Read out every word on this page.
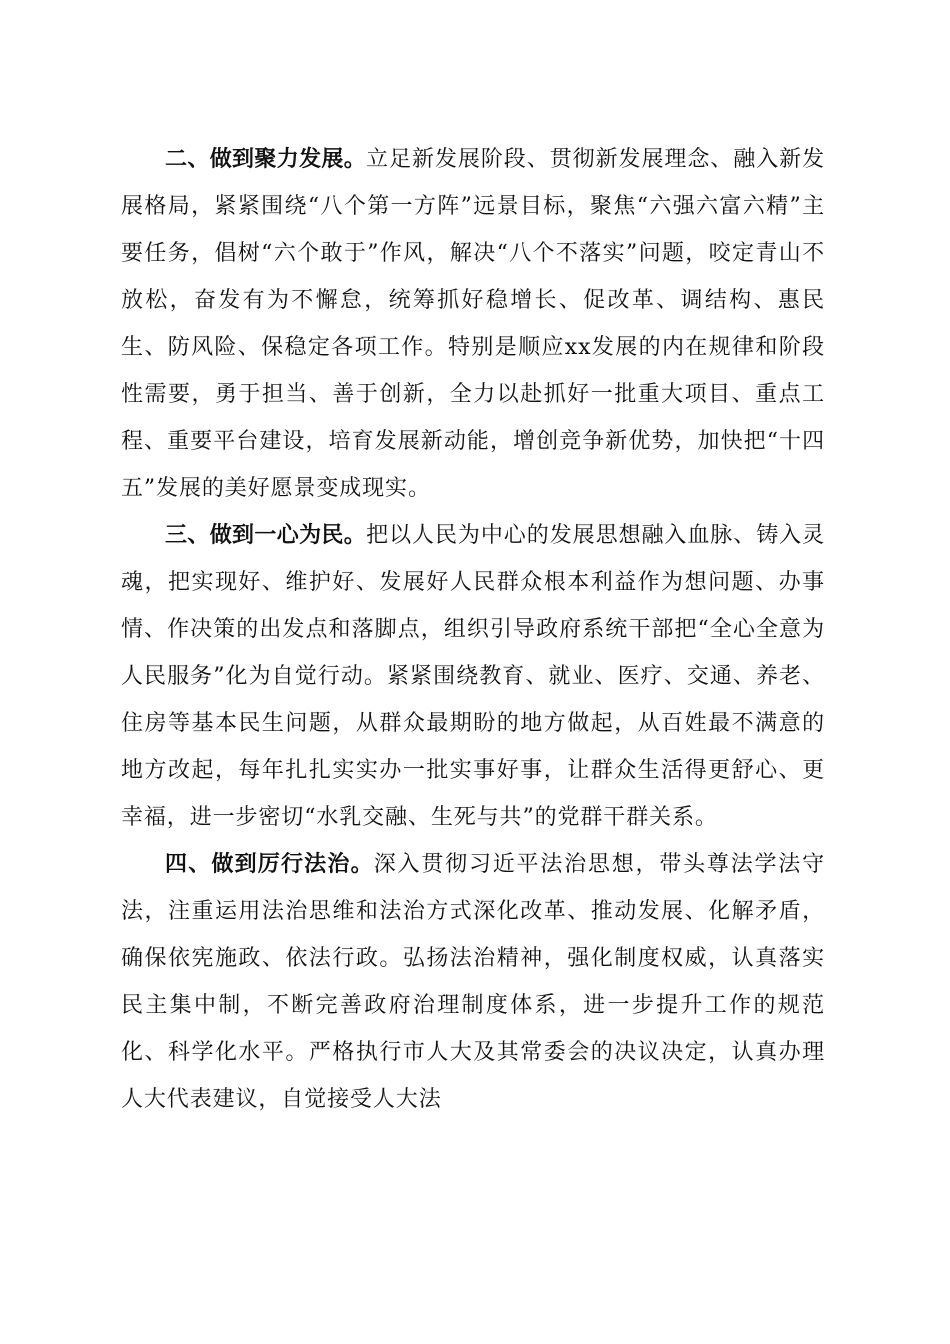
二、做到聚力发展。立足新发展阶段、贯彻新发展理念、融入新发展格局，紧紧围绕“八个第一方阵”远景目标，聚焦“六强六富六精”主要任务，倡树“六个敢于”作风，解决“八个不落实”问题，咬定青山不放松，奋发有为不懈怠，统筹抓好稳增长、促改革、调结构、惠民生、防风险、保稳定各项工作。特别是顺应xx发展的内在规律和阶段性需要，勇于担当、善于创新，全力以赴抓好一批重大项目、重点工程、重要平台建设，培育发展新动能，增创竞争新优势，加快把“十四五”发展的美好愿景变成现实。

三、做到一心为民。把以人民为中心的发展思想融入血脉、铸入灵魂，把实现好、维护好、发展好人民群众根本利益作为想问题、办事情、作决策的出发点和落脚点，组织引导政府系统干部把“全心全意为人民服务”化为自觉行动。紧紧围绕教育、就业、医疗、交通、养老、住房等基本民生问题，从群众最期盼的地方做起，从百姓最不满意的地方改起，每年扎扎实实办一批实事好事，让群众生活得更舒心、更幸福，进一步密切“水乳交融、生死与共”的党群干群关系。

四、做到厉行法治。深入贯彻习近平法治思想，带头尊法学法守法，注重运用法治思维和法治方式深化改革、推动发展、化解矛盾，确保依宪施政、依法行政。弘扬法治精神，强化制度权威，认真落实民主集中制，不断完善政府治理制度体系，进一步提升工作的规范化、科学化水平。严格执行市人大及其常委会的决议决定，认真办理人大代表建议，自觉接受人大法
